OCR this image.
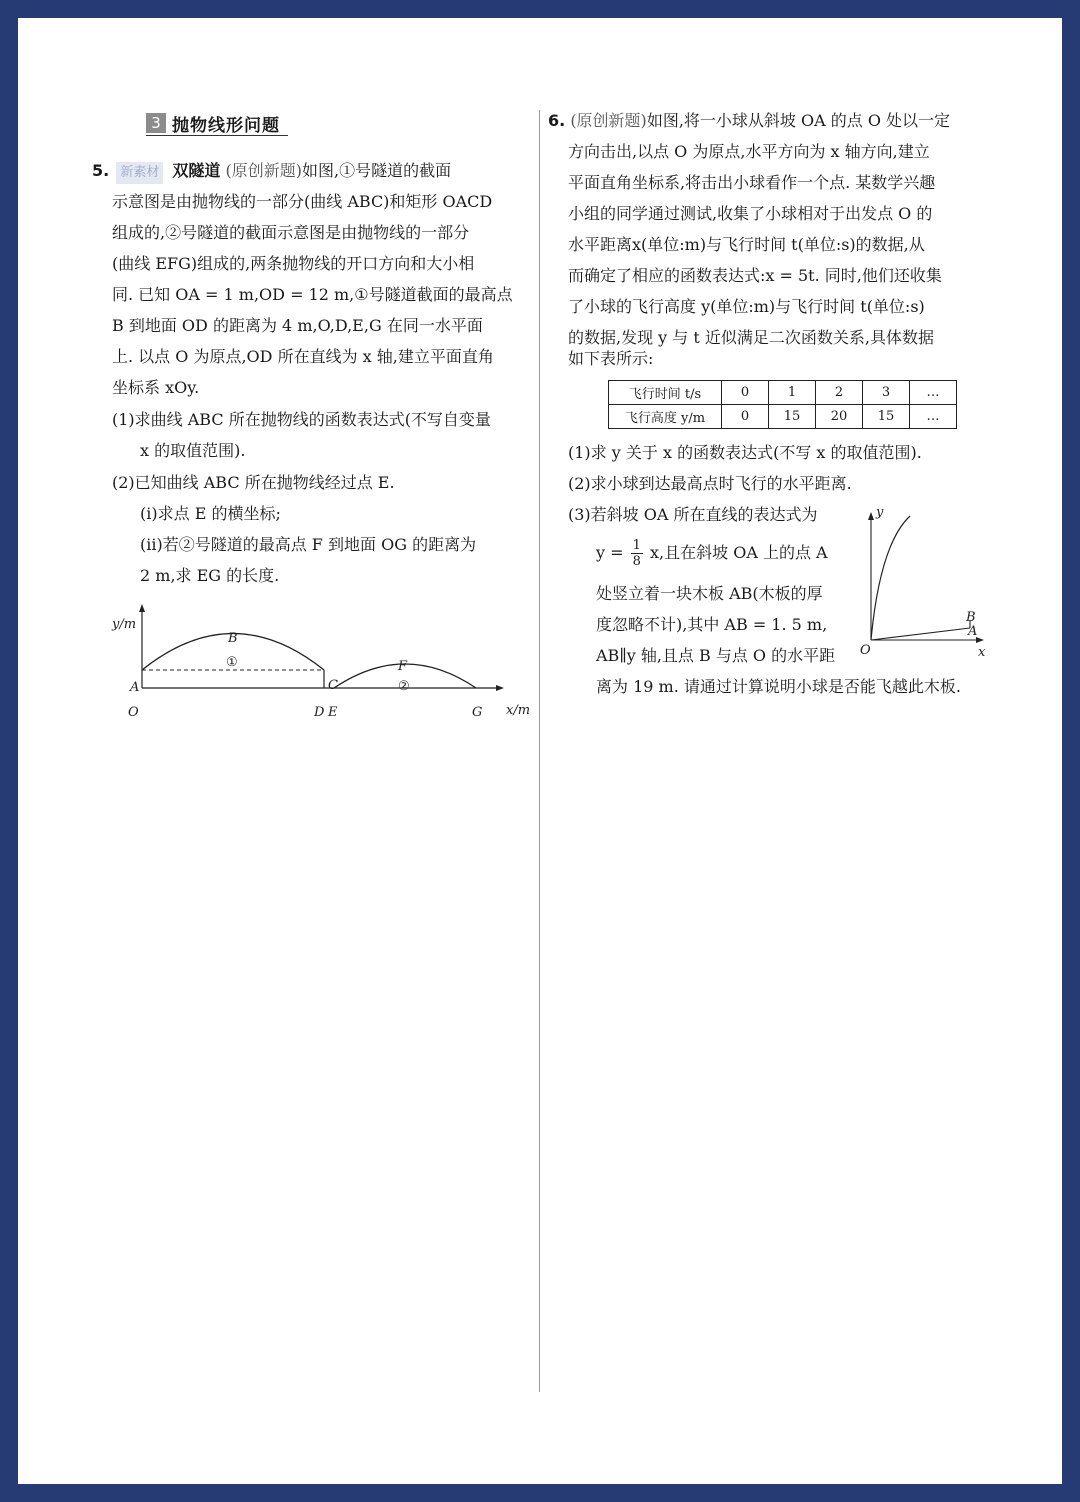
3 抛物线形问题
5. 新素材 双隧道 (原创新题)如图,①号隧道的截面
示意图是由抛物线的一部分(曲线 ABC)和矩形 OACD
组成的,②号隧道的截面示意图是由抛物线的一部分
(曲线 EFG)组成的,两条抛物线的开口方向和大小相
同. 已知 OA = 1 m,OD = 12 m,①号隧道截面的最高点
B 到地面 OD 的距离为 4 m,O,D,E,G 在同一水平面
上. 以点 O 为原点,OD 所在直线为 x 轴,建立平面直角
坐标系 xOy.
(1)求曲线 ABC 所在抛物线的函数表达式(不写自变量
x 的取值范围).
(2)已知曲线 ABC 所在抛物线经过点 E.
(i)求点 E 的横坐标;
(ii)若②号隧道的最高点 F 到地面 OG 的距离为
2 m,求 EG 的长度.
y/m
x/m
B
A	C
O	D E
F
G
①
②
6. (原创新题)如图,将一小球从斜坡 OA 的点 O 处以一定
方向击出,以点 O 为原点,水平方向为 x 轴方向,建立
平面直角坐标系,将击出小球看作一个点. 某数学兴趣
小组的同学通过测试,收集了小球相对于出发点 O 的
水平距离x(单位:m)与飞行时间 t(单位:s)的数据,从
而确定了相应的函数表达式:x = 5t. 同时,他们还收集
了小球的飞行高度 y(单位:m)与飞行时间 t(单位:s)
的数据,发现 y 与 t 近似满足二次函数关系,具体数据
如下表所示:
飞行时间 t/s	0	1	2	3	…
飞行高度 y/m	0	15	20	15	…
(1)求 y 关于 x 的函数表达式(不写 x 的取值范围).
(2)求小球到达最高点时飞行的水平距离.
(3)若斜坡 OA 所在直线的表达式为
$y = \frac{1}{8} x$,且在斜坡 OA 上的点 A
处竖立着一块木板 AB(木板的厚
度忽略不计),其中 AB = 1. 5 m,
AB∥y 轴,且点 B 与点 O 的水平距
离为 19 m. 请通过计算说明小球是否能飞越此木板.
y
x
O
A
B
